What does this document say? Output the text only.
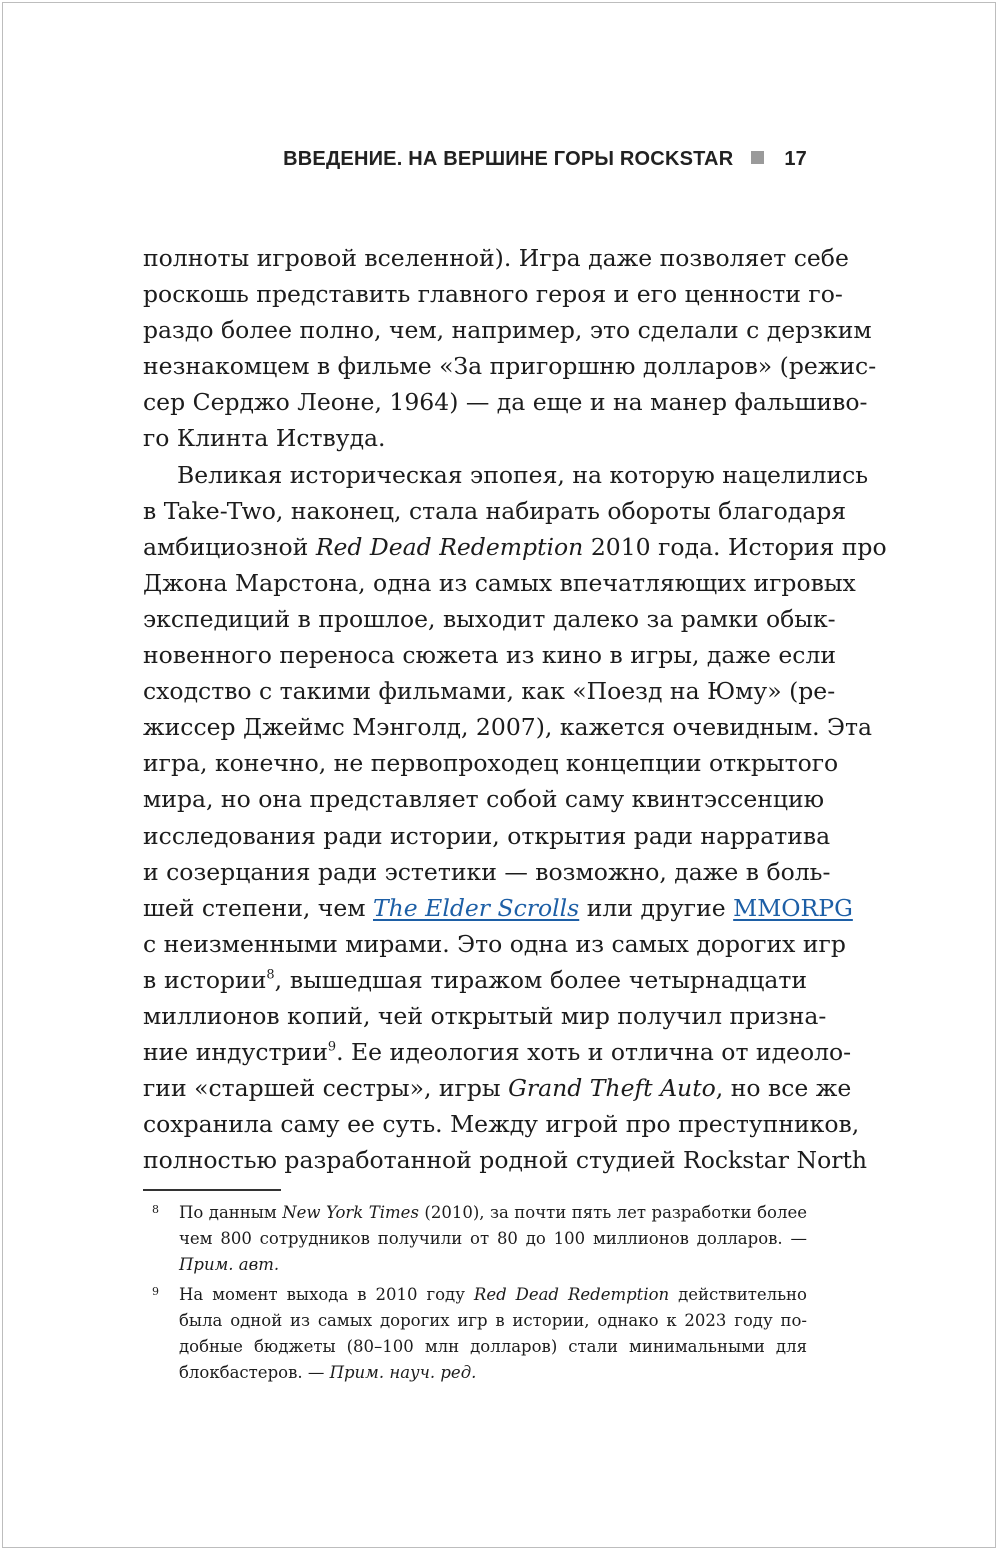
ВВЕДЕНИЕ. НА ВЕРШИНЕ ГОРЫ ROCKSTAR	17
полноты игровой вселенной). Игра даже позволяет себе
роскошь представить главного героя и его ценности го-
раздо более полно, чем, например, это сделали с дерзким
незнакомцем в фильме «За пригоршню долларов» (режис-
сер Серджо Леоне, 1964) — да еще и на манер фальшиво-
го Клинта Иствуда.
Великая историческая эпопея, на которую нацелились
в Take-Two, наконец, стала набирать обороты благодаря
амбициозной Red Dead Redemption 2010 года. История про
Джона Марстона, одна из самых впечатляющих игровых
экспедиций в прошлое, выходит далеко за рамки обык-
новенного переноса сюжета из кино в игры, даже если
сходство с такими фильмами, как «Поезд на Юму» (ре-
жиссер Джеймс Мэнголд, 2007), кажется очевидным. Эта
игра, конечно, не первопроходец концепции открытого
мира, но она представляет собой саму квинтэссенцию
исследования ради истории, открытия ради нарратива
и созерцания ради эстетики — возможно, даже в боль-
шей степени, чем The Elder Scrolls или другие MMORPG
с неизменными мирами. Это одна из самых дорогих игр
в истории$^8$, вышедшая тиражом более четырнадцати
миллионов копий, чей открытый мир получил призна-
ние индустрии$^9$. Ее идеология хоть и отлична от идеоло-
гии «старшей сестры», игры Grand Theft Auto, но все же
сохранила саму ее суть. Между игрой про преступников,
полностью разработанной родной студией Rockstar North
8 По данным New York Times (2010), за почти пять лет разработки более
чем 800 сотрудников получили от 80 до 100 миллионов долларов. —
Прим. авт.
9 На момент выхода в 2010 году Red Dead Redemption действительно
была одной из самых дорогих игр в истории, однако к 2023 году по-
добные бюджеты (80–100 млн долларов) стали минимальными для
блокбастеров. — Прим. науч. ред.
